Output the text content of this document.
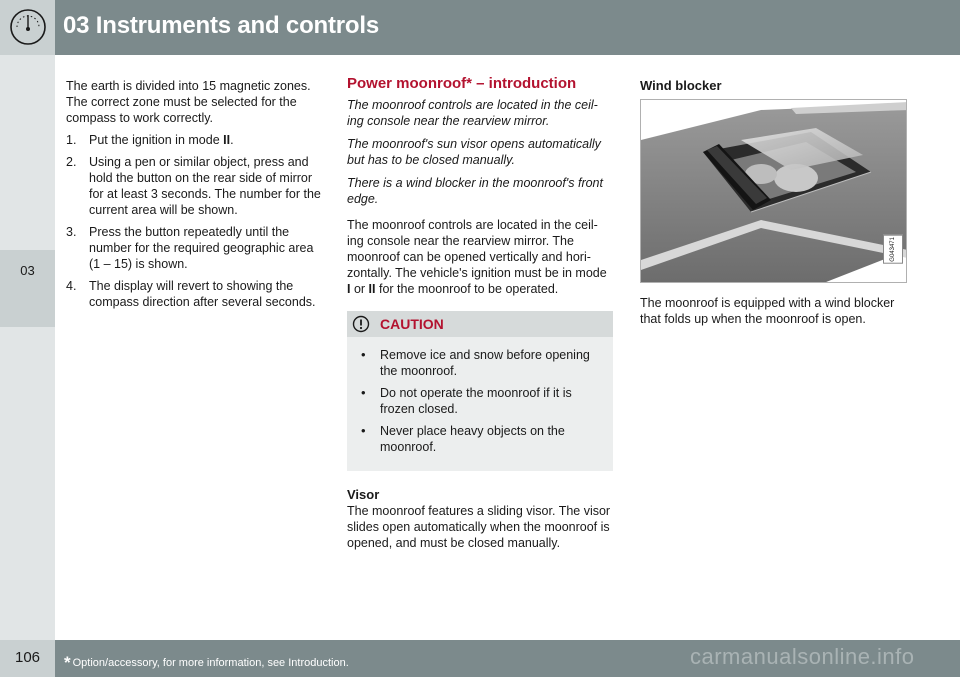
03 Instruments and controls
03

The earth is divided into 15 magnetic zones. The correct zone must be selected for the compass to work correctly.

1.	Put the ignition in mode II.
2.	Using a pen or similar object, press and hold the button on the rear side of mirror for at least 3 seconds. The number for the current area will be shown.
3.	Press the button repeatedly until the number for the required geographic area (1 – 15) is shown.
4.	The display will revert to showing the compass direction after several seconds.
Power moonroof* – introduction

The moonroof controls are located in the ceil-ing console near the rearview mirror.

The moonroof's sun visor opens automatically but has to be closed manually.

There is a wind blocker in the moonroof's front edge.

The moonroof controls are located in the ceil-ing console near the rearview mirror. The moonroof can be opened vertically and hori-zontally. The vehicle's ignition must be in mode I or II for the moonroof to be operated.

CAUTION
•	Remove ice and snow before opening the moonroof.
•	Do not operate the moonroof if it is frozen closed.
•	Never place heavy objects on the moonroof.
Visor

The moonroof features a sliding visor. The visor slides open automatically when the moonroof is opened, and must be closed manually.

Wind blocker
G043471

The moonroof is equipped with a wind blocker that folds up when the moonroof is open.

106	* Option/accessory, for more information, see Introduction.	carmanualsonline.info
